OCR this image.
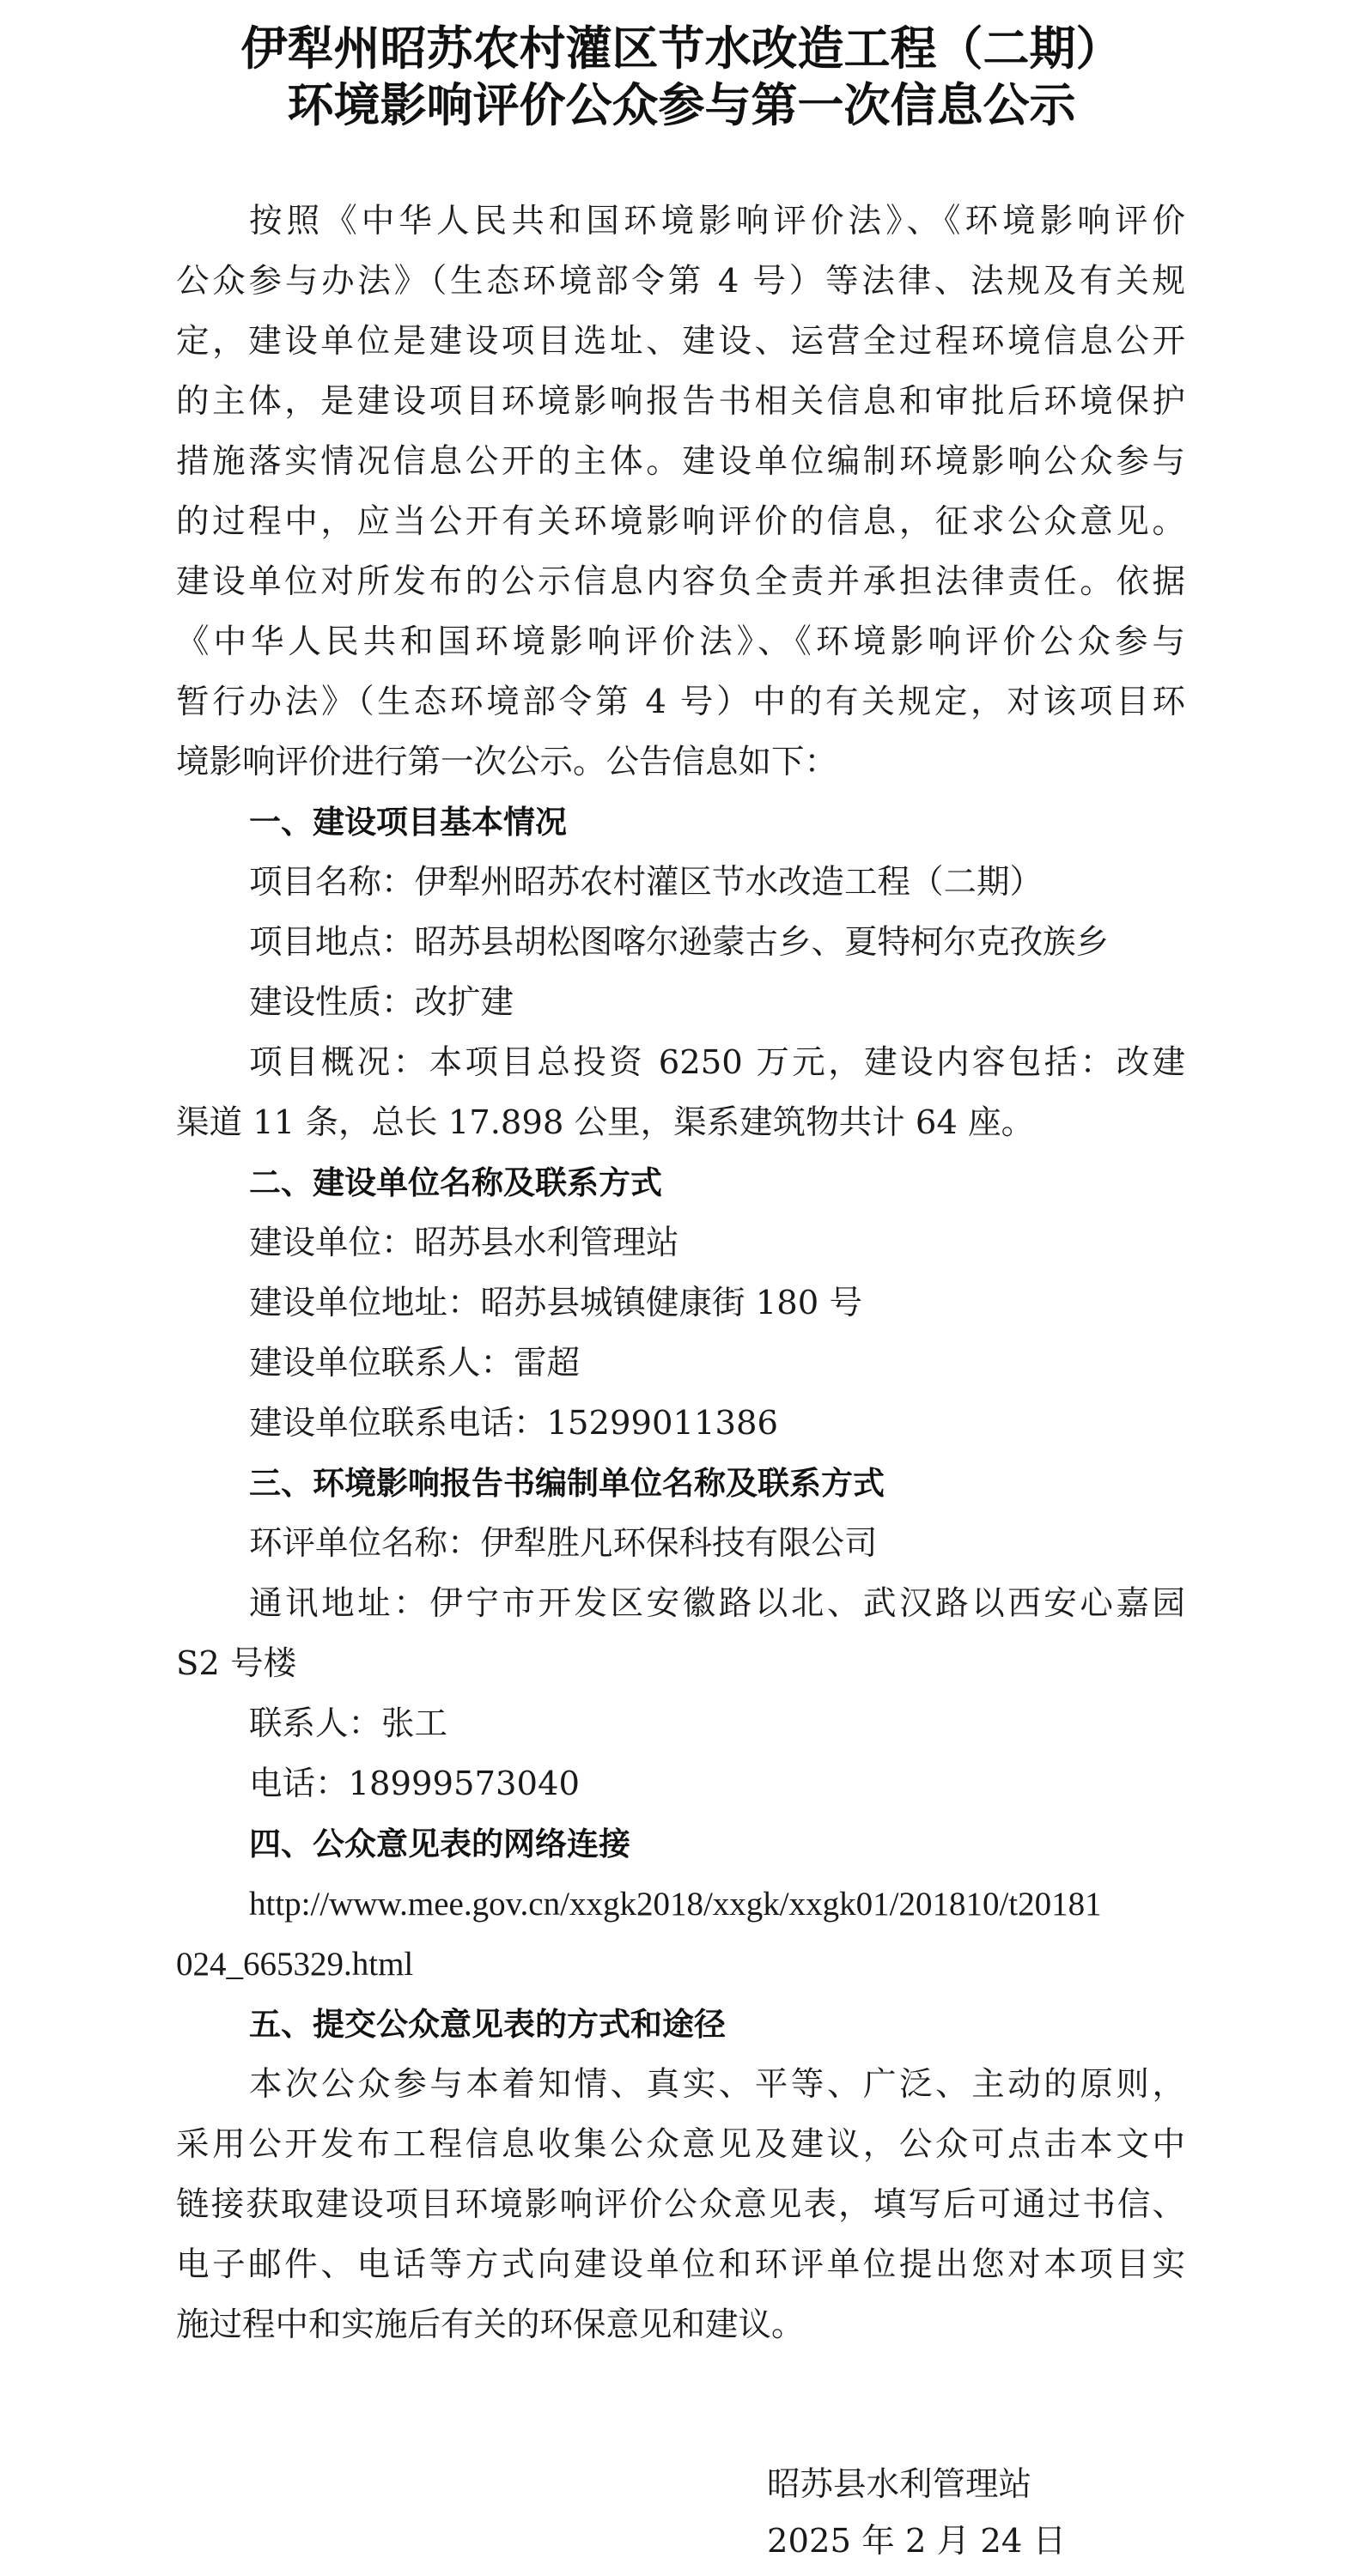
伊犁州昭苏农村灌区节水改造工程（二期）
环境影响评价公众参与第一次信息公示
按照《中华人民共和国环境影响评价法》、《环境影响评价
公众参与办法》（生态环境部令第 4 号）等法律、法规及有关规
定，建设单位是建设项目选址、建设、运营全过程环境信息公开
的主体，是建设项目环境影响报告书相关信息和审批后环境保护
措施落实情况信息公开的主体。建设单位编制环境影响公众参与
的过程中，应当公开有关环境影响评价的信息，征求公众意见。
建设单位对所发布的公示信息内容负全责并承担法律责任。依据
《中华人民共和国环境影响评价法》、《环境影响评价公众参与
暂行办法》（生态环境部令第 4 号）中的有关规定，对该项目环
境影响评价进行第一次公示。公告信息如下：
一、建设项目基本情况
项目名称：伊犁州昭苏农村灌区节水改造工程（二期）
项目地点：昭苏县胡松图喀尔逊蒙古乡、夏特柯尔克孜族乡
建设性质：改扩建
项目概况：本项目总投资 6250 万元，建设内容包括：改建
渠道 11 条，总长 17.898 公里，渠系建筑物共计 64 座。
二、建设单位名称及联系方式
建设单位：昭苏县水利管理站
建设单位地址：昭苏县城镇健康街 180 号
建设单位联系人：雷超
建设单位联系电话：15299011386
三、环境影响报告书编制单位名称及联系方式
环评单位名称：伊犁胜凡环保科技有限公司
通讯地址：伊宁市开发区安徽路以北、武汉路以西安心嘉园
S2 号楼
联系人：张工
电话：18999573040
四、公众意见表的网络连接
http://www.mee.gov.cn/xxgk2018/xxgk/xxgk01/201810/t20181
024_665329.html
五、提交公众意见表的方式和途径
本次公众参与本着知情、真实、平等、广泛、主动的原则，
采用公开发布工程信息收集公众意见及建议，公众可点击本文中
链接获取建设项目环境影响评价公众意见表，填写后可通过书信、
电子邮件、电话等方式向建设单位和环评单位提出您对本项目实
施过程中和实施后有关的环保意见和建议。
昭苏县水利管理站
2025 年 2 月 24 日
